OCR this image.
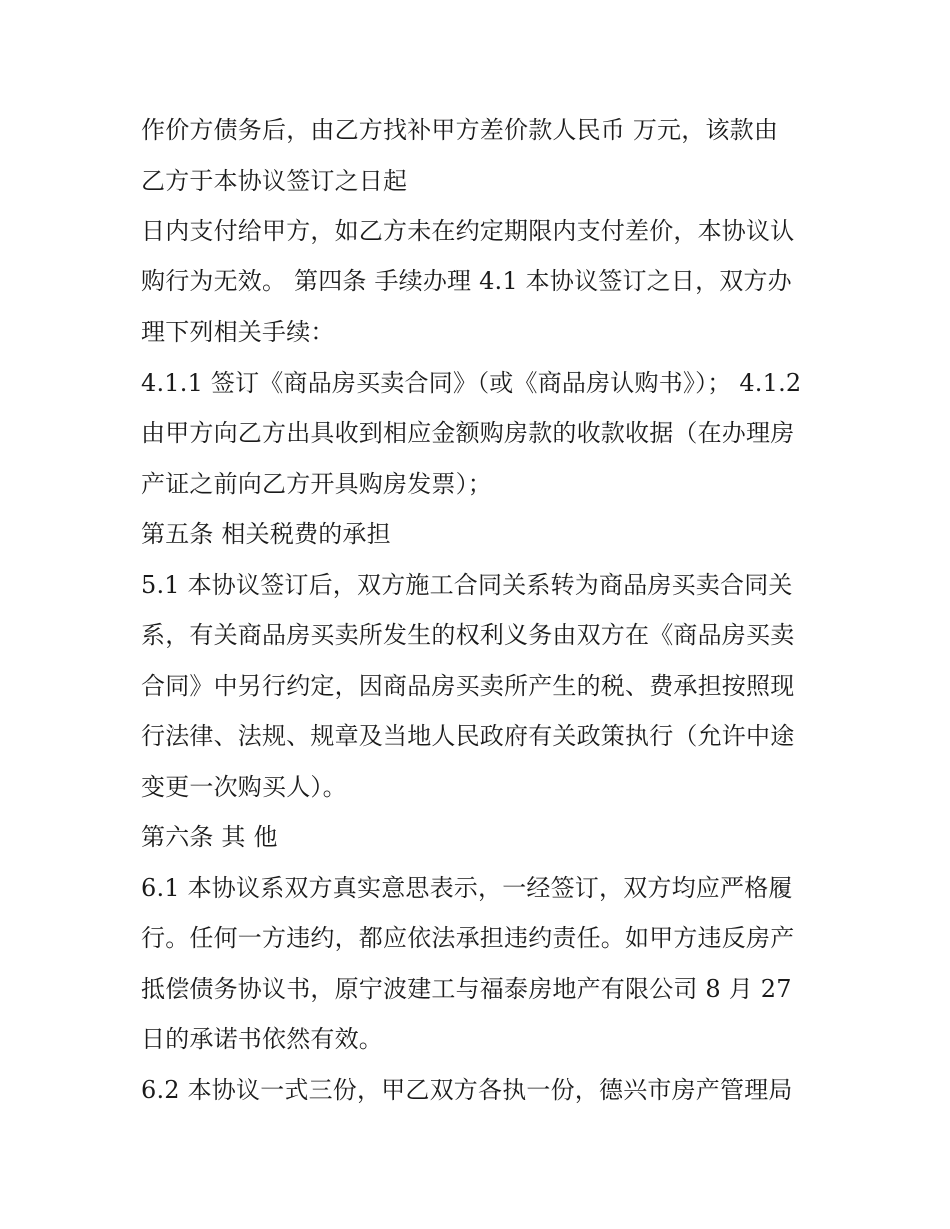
作价方债务后，由乙方找补甲方差价款人民币 万元，该款由
乙方于本协议签订之日起
日内支付给甲方，如乙方未在约定期限内支付差价，本协议认
购行为无效。 第四条 手续办理 4.1 本协议签订之日，双方办
理下列相关手续：
4.1.1 签订《商品房买卖合同》（或《商品房认购书》）； 4.1.2
由甲方向乙方出具收到相应金额购房款的收款收据（在办理房
产证之前向乙方开具购房发票）；
第五条 相关税费的承担
5.1 本协议签订后，双方施工合同关系转为商品房买卖合同关
系，有关商品房买卖所发生的权利义务由双方在《商品房买卖
合同》中另行约定，因商品房买卖所产生的税、费承担按照现
行法律、法规、规章及当地人民政府有关政策执行（允许中途
变更一次购买人）。
第六条 其 他
6.1 本协议系双方真实意思表示，一经签订，双方均应严格履
行。任何一方违约，都应依法承担违约责任。如甲方违反房产
抵偿债务协议书，原宁波建工与福泰房地产有限公司 8 月 27
日的承诺书依然有效。
6.2 本协议一式三份，甲乙双方各执一份，德兴市房产管理局
